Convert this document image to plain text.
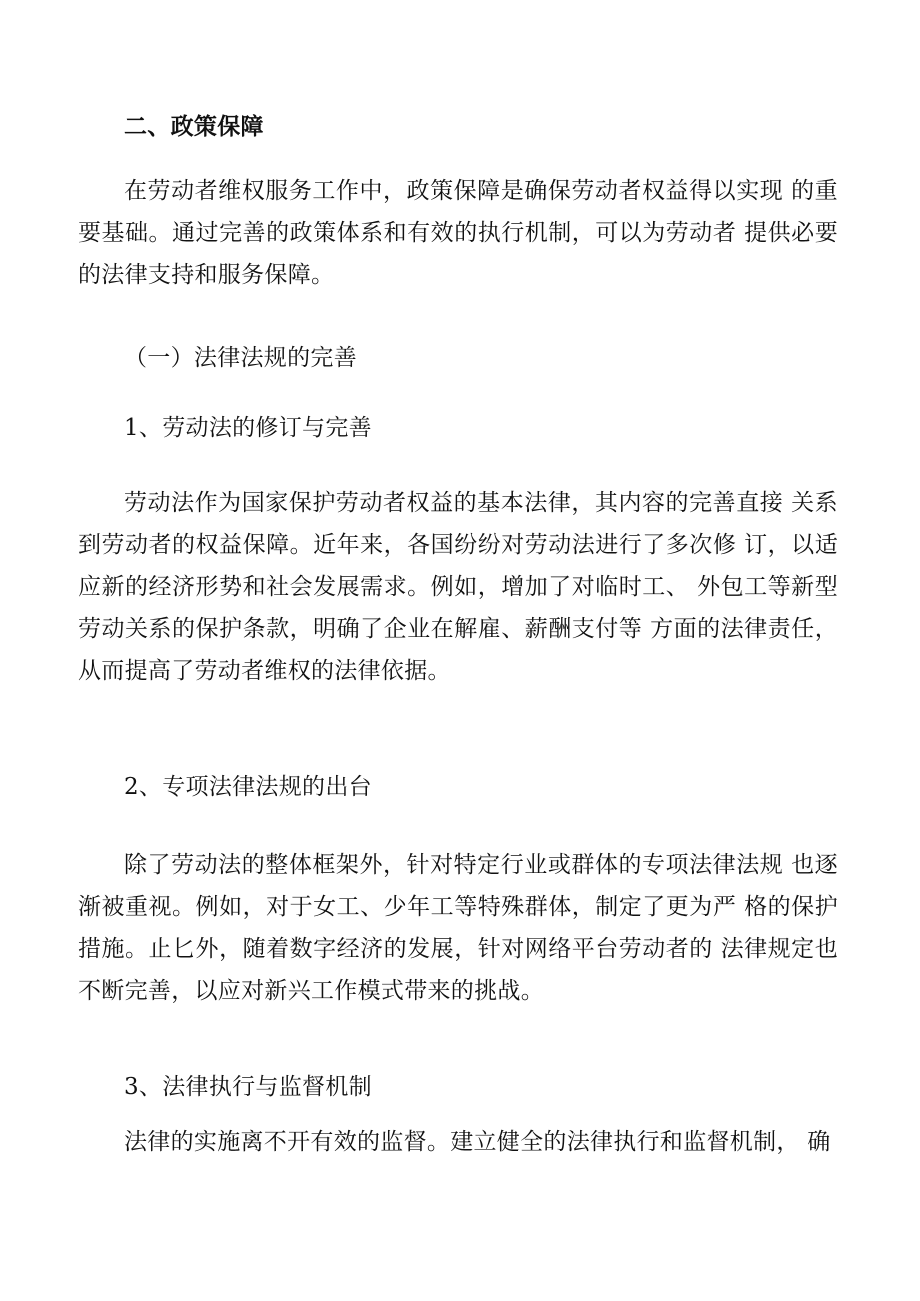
二、政策保障

在劳动者维权服务工作中，政策保障是确保劳动者权益得以实现 的重要基础。通过完善的政策体系和有效的执行机制，可以为劳动者 提供必要的法律支持和服务保障。

（一）法律法规的完善
1、劳动法的修订与完善

劳动法作为国家保护劳动者权益的基本法律，其内容的完善直接 关系到劳动者的权益保障。近年来，各国纷纷对劳动法进行了多次修 订，以适应新的经济形势和社会发展需求。例如，增加了对临时工、 外包工等新型劳动关系的保护条款，明确了企业在解雇、薪酬支付等 方面的法律责任，从而提高了劳动者维权的法律依据。

2、专项法律法规的出台

除了劳动法的整体框架外，针对特定行业或群体的专项法律法规 也逐渐被重视。例如，对于女工、少年工等特殊群体，制定了更为严 格的保护措施。止匕外，随着数字经济的发展，针对网络平台劳动者的 法律规定也不断完善，以应对新兴工作模式带来的挑战。

3、法律执行与监督机制

法律的实施离不开有效的监督。建立健全的法律执行和监督机制， 确
